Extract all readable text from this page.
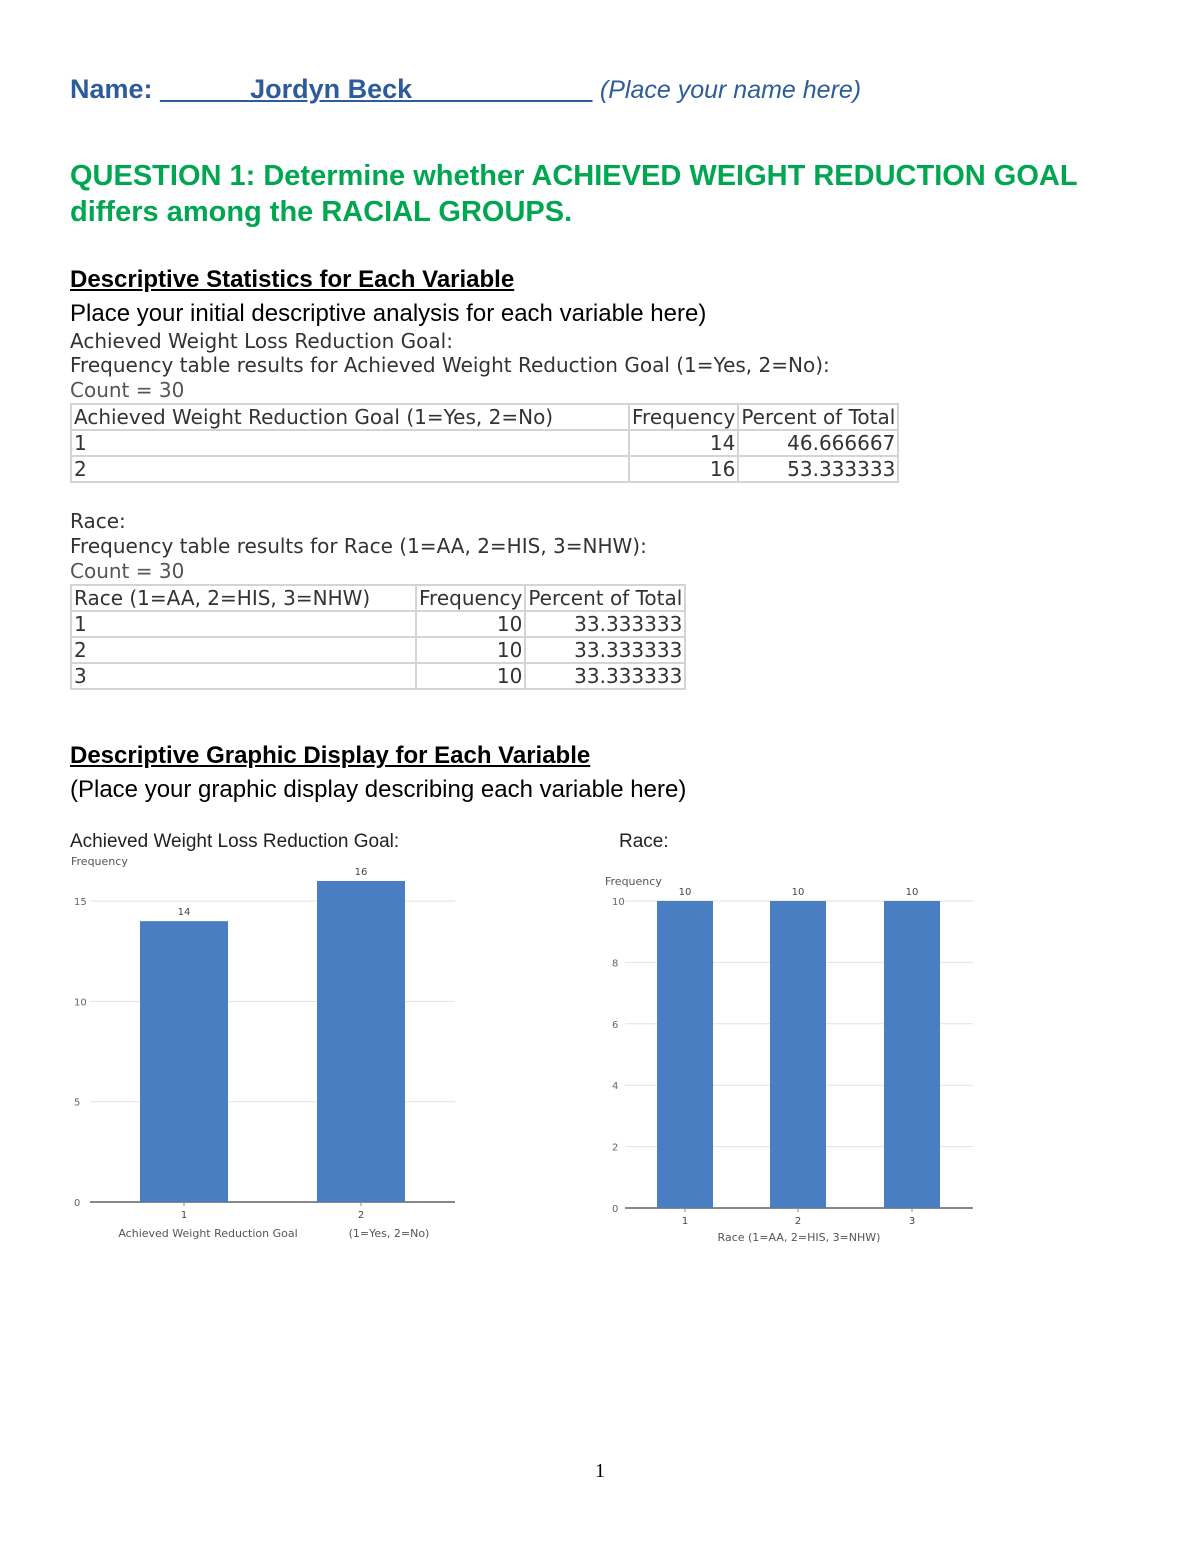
Name: ______Jordyn Beck____________ (Place your name here)
QUESTION 1: Determine whether ACHIEVED WEIGHT REDUCTION GOAL differs among the RACIAL GROUPS.
Descriptive Statistics for Each Variable
Place your initial descriptive analysis for each variable here)
Achieved Weight Loss Reduction Goal:
Frequency table results for Achieved Weight Reduction Goal (1=Yes, 2=No):
Count = 30
Achieved Weight Reduction Goal (1=Yes, 2=No)	Frequency	Percent of Total
1	14	46.666667
2	16	53.333333
Race:
Frequency table results for Race (1=AA, 2=HIS, 3=NHW):
Count = 30
Race (1=AA, 2=HIS, 3=NHW)	Frequency	Percent of Total
1	10	33.333333
2	10	33.333333
3	10	33.333333
Descriptive Graphic Display for Each Variable
(Place your graphic display describing each variable here)
Achieved Weight Loss Reduction Goal:	Race:
Frequency
0
5
10
15
14
1
16
2
Achieved Weight Reduction Goal	(1=Yes, 2=No)
Frequency
0
2
4
6
8
10
10
1
10
2
10
3
Race (1=AA, 2=HIS, 3=NHW)
1
